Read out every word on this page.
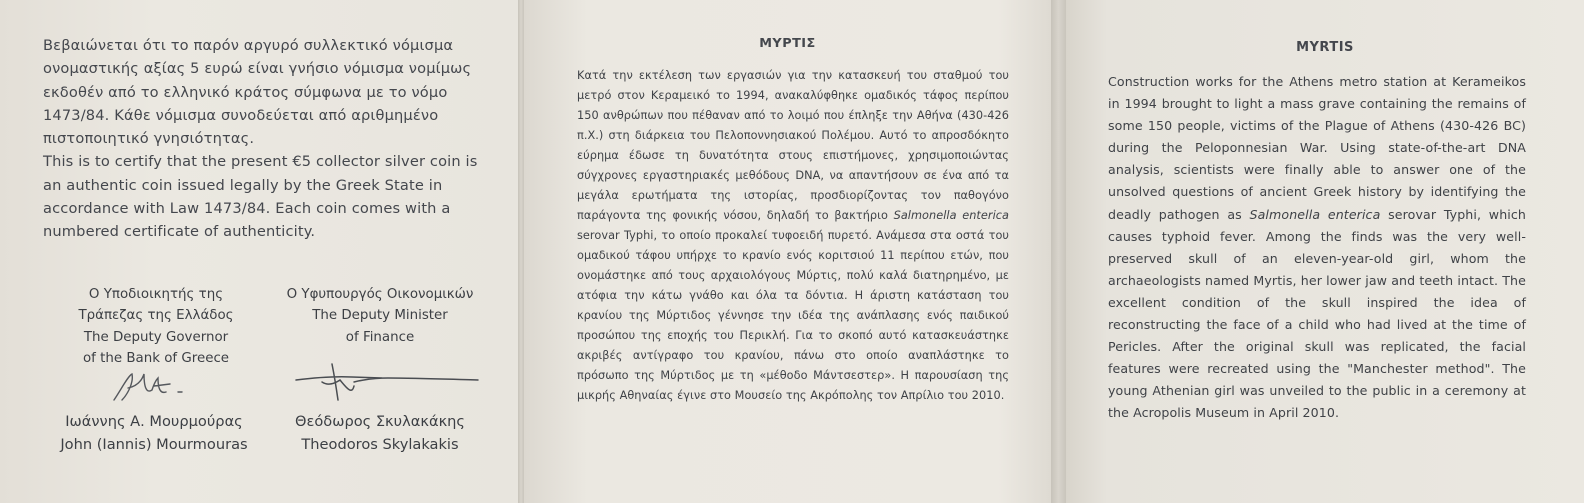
Βεβαιώνεται ότι το παρόν αργυρό συλλεκτικό νόμισμα ονομαστικής αξίας 5 ευρώ είναι γνήσιο νόμισμα νομίμως εκδοθέν από το ελληνικό κράτος σύμφωνα με το νόμο 1473/84. Κάθε νόμισμα συνοδεύεται από αριθμημένο πιστοποιητικό γνησιότητας.

This is to certify that the present €5 collector silver coin is an authentic coin issued legally by the Greek State in accordance with Law 1473/84. Each coin comes with a numbered certificate of authenticity.

Ο Υποδιοικητής της
Τράπεζας της Ελλάδος
The Deputy Governor
of the Bank of Greece
Ο Υφυπουργός Οικονομικών
The Deputy Minister
of Finance
Ιωάννης Α. Μουρμούρας
John (Iannis) Mourmouras
Θεόδωρος Σκυλακάκης
Theodoros Skylakakis
ΜΥΡΤΙΣ

Κατά την εκτέλεση των εργασιών για την κατασκευή του σταθμού του μετρό στον Κεραμεικό το 1994, ανακαλύφθηκε ομαδικός τάφος περίπου 150 ανθρώπων που πέθαναν από το λοιμό που έπληξε την Αθήνα (430-426 π.Χ.) στη διάρκεια του Πελοποννησιακού Πολέμου. Αυτό το απροσδόκητο εύρημα έδωσε τη δυνατότητα στους επιστήμονες, χρησιμοποιώντας σύγχρονες εργαστηριακές μεθόδους DNA, να απαντήσουν σε ένα από τα μεγάλα ερωτήματα της ιστορίας, προσδιορίζοντας τον παθογόνο παράγοντα της φονικής νόσου, δηλαδή το βακτήριο Salmonella enterica serovar Typhi, το οποίο προκαλεί τυφοειδή πυρετό. Ανάμεσα στα οστά του ομαδικού τάφου υπήρχε το κρανίο ενός κοριτσιού 11 περίπου ετών, που ονομάστηκε από τους αρχαιολόγους Μύρτις, πολύ καλά διατηρημένο, με ατόφια την κάτω γνάθο και όλα τα δόντια. Η άριστη κατάσταση του κρανίου της Μύρτιδος γέννησε την ιδέα της ανάπλασης ενός παιδικού προσώπου της εποχής του Περικλή. Για το σκοπό αυτό κατασκευάστηκε ακριβές αντίγραφο του κρανίου, πάνω στο οποίο αναπλάστηκε το πρόσωπο της Μύρτιδος με τη «μέθοδο Μάντσεστερ». Η παρουσίαση της μικρής Αθηναίας έγινε στο Μουσείο της Ακρόπολης τον Απρίλιο του 2010.

MYRTIS

Construction works for the Athens metro station at Kerameikos in 1994 brought to light a mass grave containing the remains of some 150 people, victims of the Plague of Athens (430-426 BC) during the Peloponnesian War. Using state-of-the-art DNA analysis, scientists were finally able to answer one of the unsolved questions of ancient Greek history by identifying the deadly pathogen as Salmonella enterica serovar Typhi, which causes typhoid fever. Among the finds was the very well-preserved skull of an eleven-year-old girl, whom the archaeologists named Myrtis, her lower jaw and teeth intact. The excellent condition of the skull inspired the idea of reconstructing the face of a child who had lived at the time of Pericles. After the original skull was replicated, the facial features were recreated using the "Manchester method". The young Athenian girl was unveiled to the public in a ceremony at the Acropolis Museum in April 2010.
